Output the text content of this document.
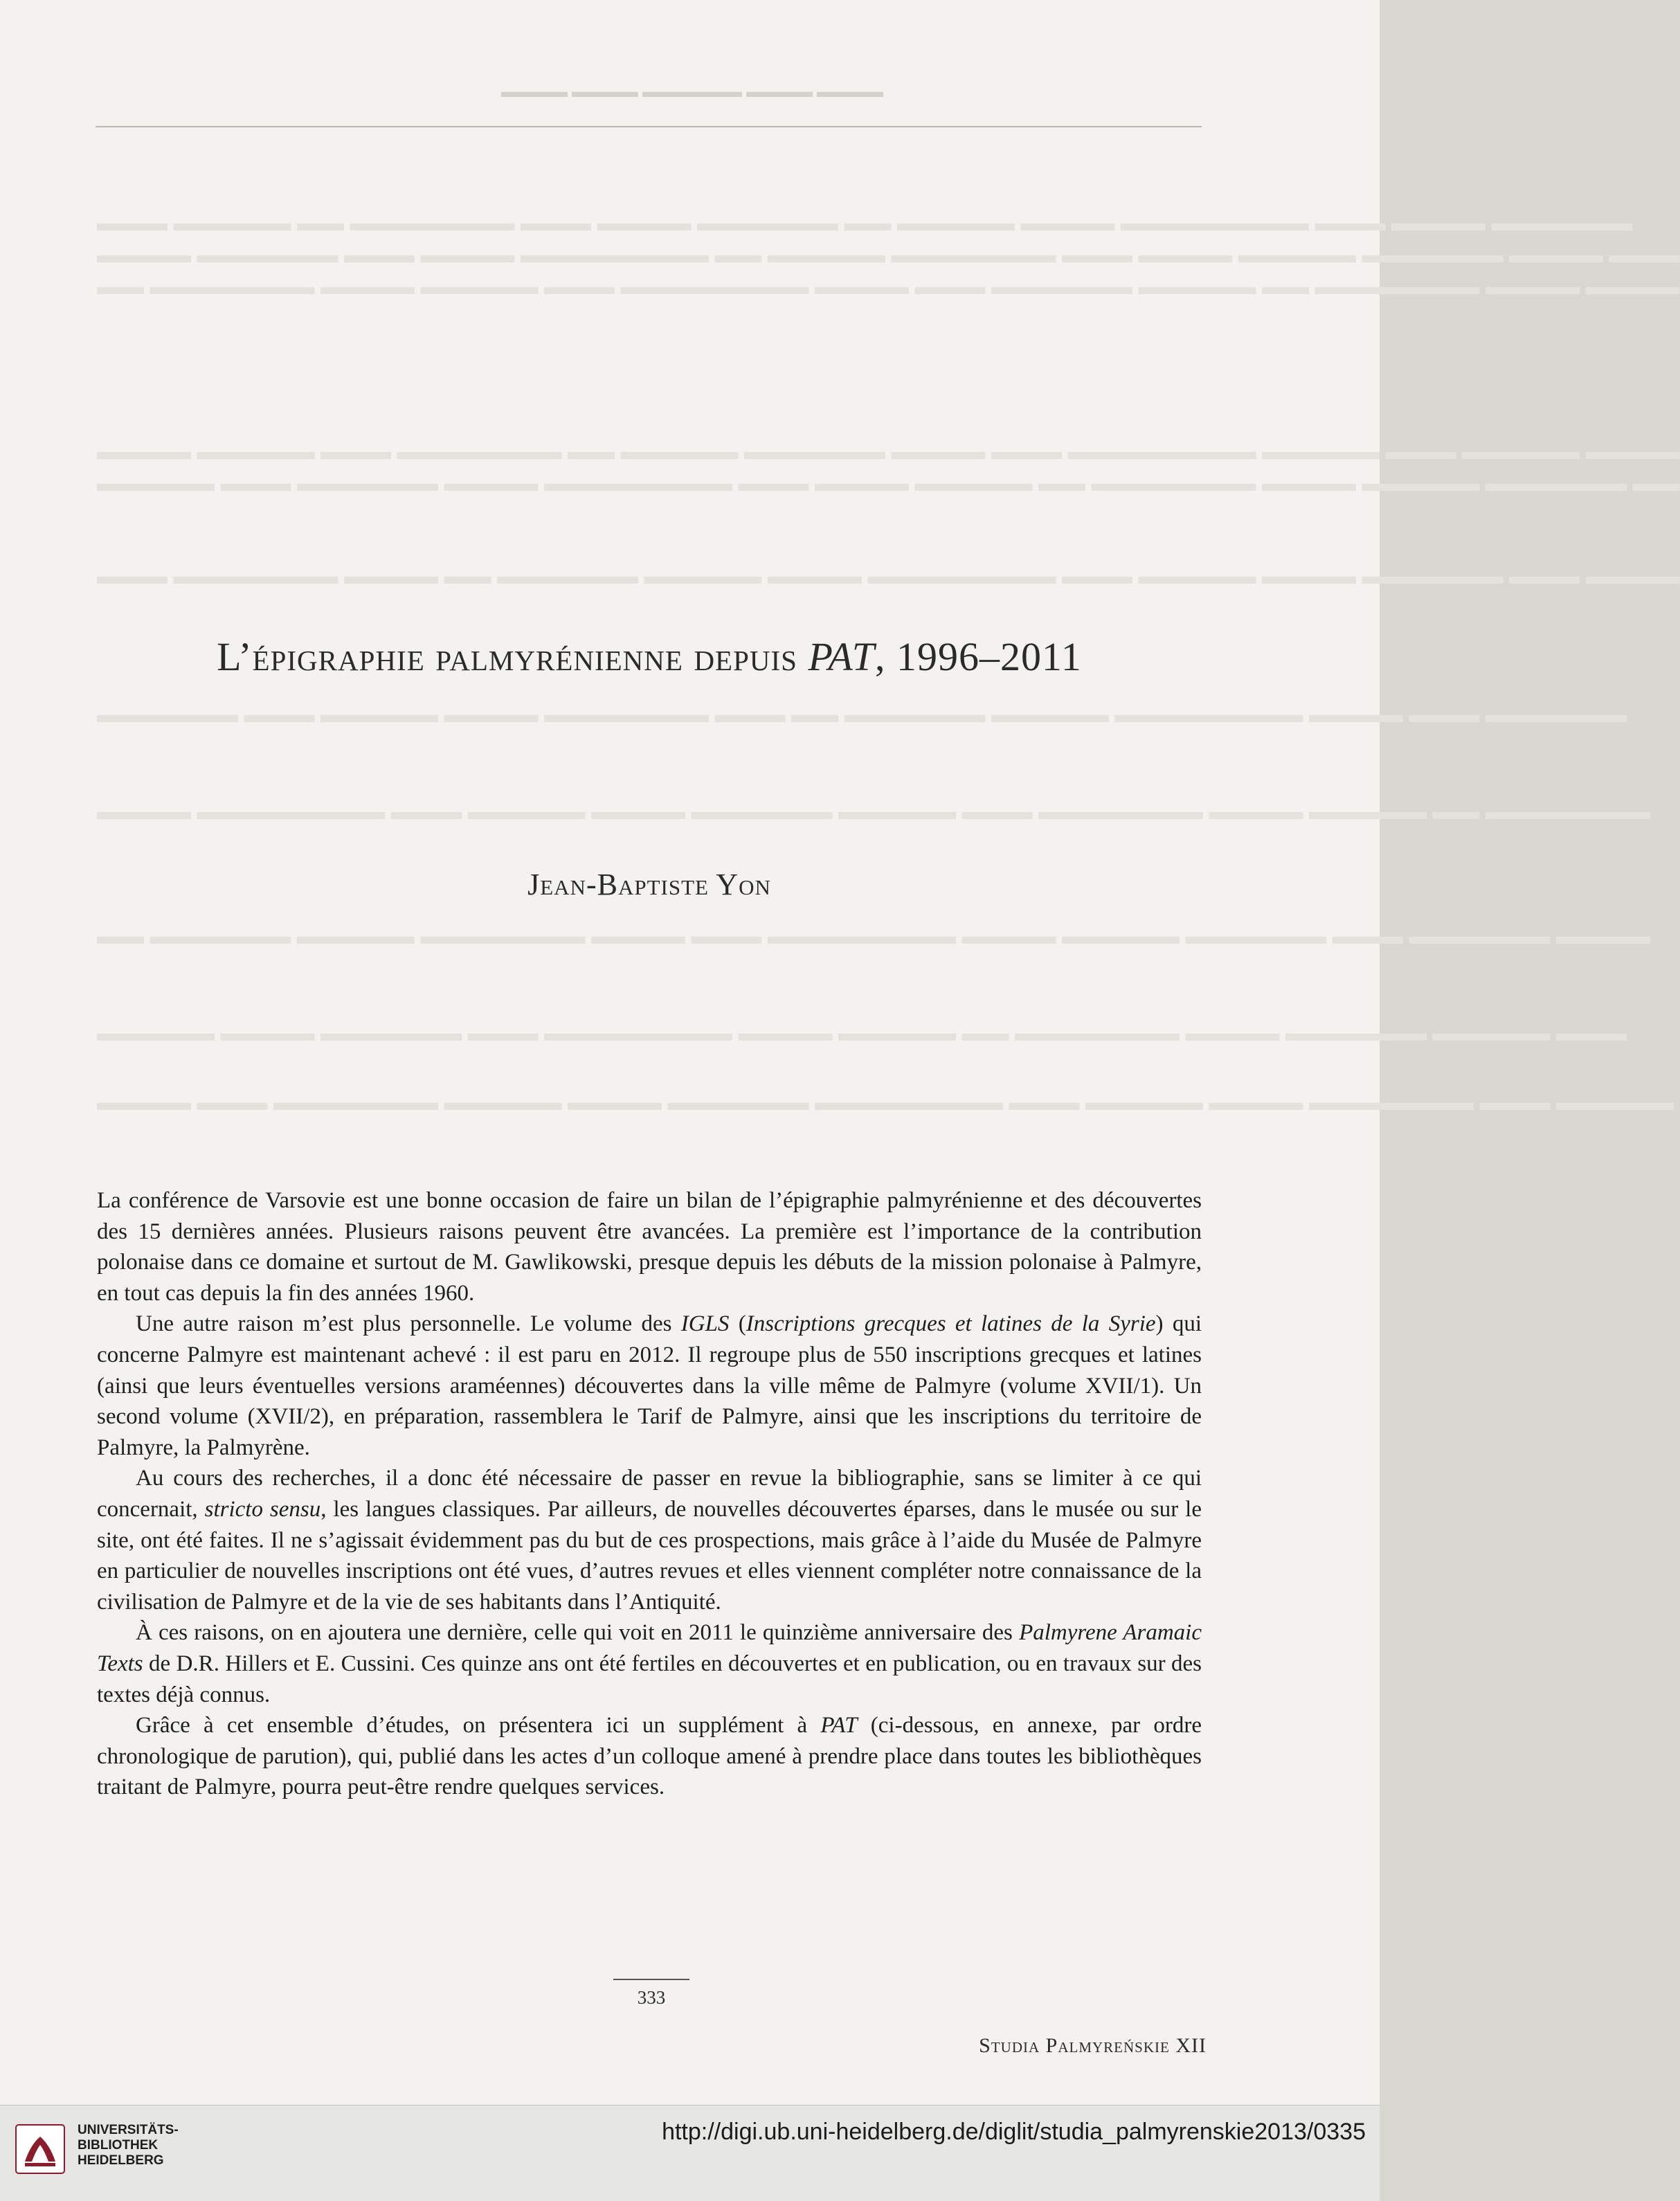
▬▬▬ ▬▬▬▬▬ ▬▬ ▬▬▬▬▬▬▬ ▬▬▬ ▬▬▬▬ ▬▬▬▬▬▬ ▬▬ ▬▬▬▬▬ ▬▬▬▬ ▬▬▬▬▬▬▬▬ ▬▬▬ ▬▬▬▬ ▬▬▬▬▬▬
▬▬▬▬ ▬▬▬▬▬▬ ▬▬▬ ▬▬▬▬ ▬▬▬▬▬▬▬▬ ▬▬ ▬▬▬▬▬ ▬▬▬▬▬▬▬ ▬▬▬ ▬▬▬▬ ▬▬▬▬▬ ▬▬▬▬▬▬ ▬▬▬▬ ▬▬▬
▬▬ ▬▬▬▬▬▬▬ ▬▬▬▬ ▬▬▬▬▬ ▬▬▬ ▬▬▬▬▬▬▬▬ ▬▬▬▬ ▬▬▬ ▬▬▬▬▬▬ ▬▬▬▬▬ ▬▬ ▬▬▬▬▬▬▬ ▬▬▬▬ ▬▬▬▬
▬▬▬▬ ▬▬▬▬▬ ▬▬▬ ▬▬▬▬▬▬▬ ▬▬ ▬▬▬▬▬ ▬▬▬▬▬▬ ▬▬▬▬ ▬▬▬ ▬▬▬▬▬▬▬▬ ▬▬▬▬▬ ▬▬▬ ▬▬▬▬▬ ▬▬▬▬
▬▬▬▬▬ ▬▬▬ ▬▬▬▬▬▬ ▬▬▬▬ ▬▬▬▬▬▬▬▬ ▬▬▬ ▬▬▬▬ ▬▬▬▬▬ ▬▬ ▬▬▬▬▬▬▬ ▬▬▬▬ ▬▬▬▬▬ ▬▬▬▬▬▬ ▬▬
▬▬▬ ▬▬▬▬▬▬▬ ▬▬▬▬ ▬▬ ▬▬▬▬▬▬ ▬▬▬▬▬ ▬▬▬▬ ▬▬▬▬▬▬▬▬ ▬▬▬ ▬▬▬▬▬ ▬▬▬▬ ▬▬▬▬▬▬ ▬▬▬ ▬▬▬▬
▬▬▬▬▬▬ ▬▬▬ ▬▬▬▬▬ ▬▬▬▬ ▬▬▬▬▬▬▬ ▬▬▬ ▬▬ ▬▬▬▬▬▬ ▬▬▬▬▬ ▬▬▬▬▬▬▬▬ ▬▬▬▬ ▬▬▬ ▬▬▬▬▬▬
▬▬▬▬ ▬▬▬▬▬▬▬▬ ▬▬▬ ▬▬▬▬▬ ▬▬▬▬ ▬▬▬▬▬▬ ▬▬▬▬▬ ▬▬▬ ▬▬▬▬▬▬▬ ▬▬▬▬ ▬▬▬▬▬ ▬▬ ▬▬▬▬▬▬▬
▬▬ ▬▬▬▬▬▬ ▬▬▬▬▬ ▬▬▬▬▬▬▬ ▬▬▬▬ ▬▬▬ ▬▬▬▬▬▬▬▬ ▬▬▬▬ ▬▬▬▬▬ ▬▬▬▬▬▬ ▬▬▬ ▬▬▬▬▬▬ ▬▬▬▬
▬▬▬▬▬ ▬▬▬▬ ▬▬▬▬▬▬ ▬▬▬ ▬▬▬▬▬▬▬▬ ▬▬▬▬ ▬▬▬▬▬ ▬▬ ▬▬▬▬▬▬▬ ▬▬▬▬ ▬▬▬▬▬▬ ▬▬▬▬▬ ▬▬▬
▬▬▬▬ ▬▬▬ ▬▬▬▬▬▬▬ ▬▬▬▬▬ ▬▬▬▬ ▬▬▬▬▬▬ ▬▬▬▬▬▬▬▬ ▬▬▬ ▬▬▬▬▬ ▬▬▬▬ ▬▬▬▬▬▬▬ ▬▬▬ ▬▬▬▬▬
▬▬▬▬ ▬▬▬▬ ▬▬▬▬▬▬ ▬▬▬▬ ▬▬▬▬
L’épigraphie palmyrénienne depuis PAT, 1996–2011
Jean-Baptiste Yon

La conférence de Varsovie est une bonne occasion de faire un bilan de l’épigraphie palmyrénienne et des découvertes des 15 dernières années. Plusieurs raisons peuvent être avancées. La première est l’importance de la contribution polonaise dans ce domaine et surtout de M. Gawlikowski, presque depuis les débuts de la mission polonaise à Palmyre, en tout cas depuis la fin des années 1960.

Une autre raison m’est plus personnelle. Le volume des IGLS (Inscriptions grecques et latines de la Syrie) qui concerne Palmyre est maintenant achevé : il est paru en 2012. Il regroupe plus de 550 inscriptions grecques et latines (ainsi que leurs éventuelles versions araméennes) découvertes dans la ville même de Palmyre (volume XVII/1). Un second volume (XVII/2), en préparation, rassemblera le Tarif de Palmyre, ainsi que les inscriptions du territoire de Palmyre, la Palmyrène.

Au cours des recherches, il a donc été nécessaire de passer en revue la bibliographie, sans se limiter à ce qui concernait, stricto sensu, les langues classiques. Par ailleurs, de nouvelles découvertes éparses, dans le musée ou sur le site, ont été faites. Il ne s’agissait évidemment pas du but de ces prospections, mais grâce à l’aide du Musée de Palmyre en particulier de nouvelles inscriptions ont été vues, d’autres revues et elles viennent compléter notre connaissance de la civilisation de Palmyre et de la vie de ses habitants dans l’Antiquité.

À ces raisons, on en ajoutera une dernière, celle qui voit en 2011 le quinzième anniversaire des Palmyrene Aramaic Texts de D.R. Hillers et E. Cussini. Ces quinze ans ont été fertiles en découvertes et en publication, ou en travaux sur des textes déjà connus.

Grâce à cet ensemble d’études, on présentera ici un supplément à PAT (ci-dessous, en annexe, par ordre chronologique de parution), qui, publié dans les actes d’un colloque amené à prendre place dans toutes les bibliothèques traitant de Palmyre, pourra peut-être rendre quelques services.

333
Studia Palmyreńskie XII
UNIVERSITÄTS-
BIBLIOTHEK
HEIDELBERG
http://digi.ub.uni-heidelberg.de/diglit/studia_palmyrenskie2013/0335
